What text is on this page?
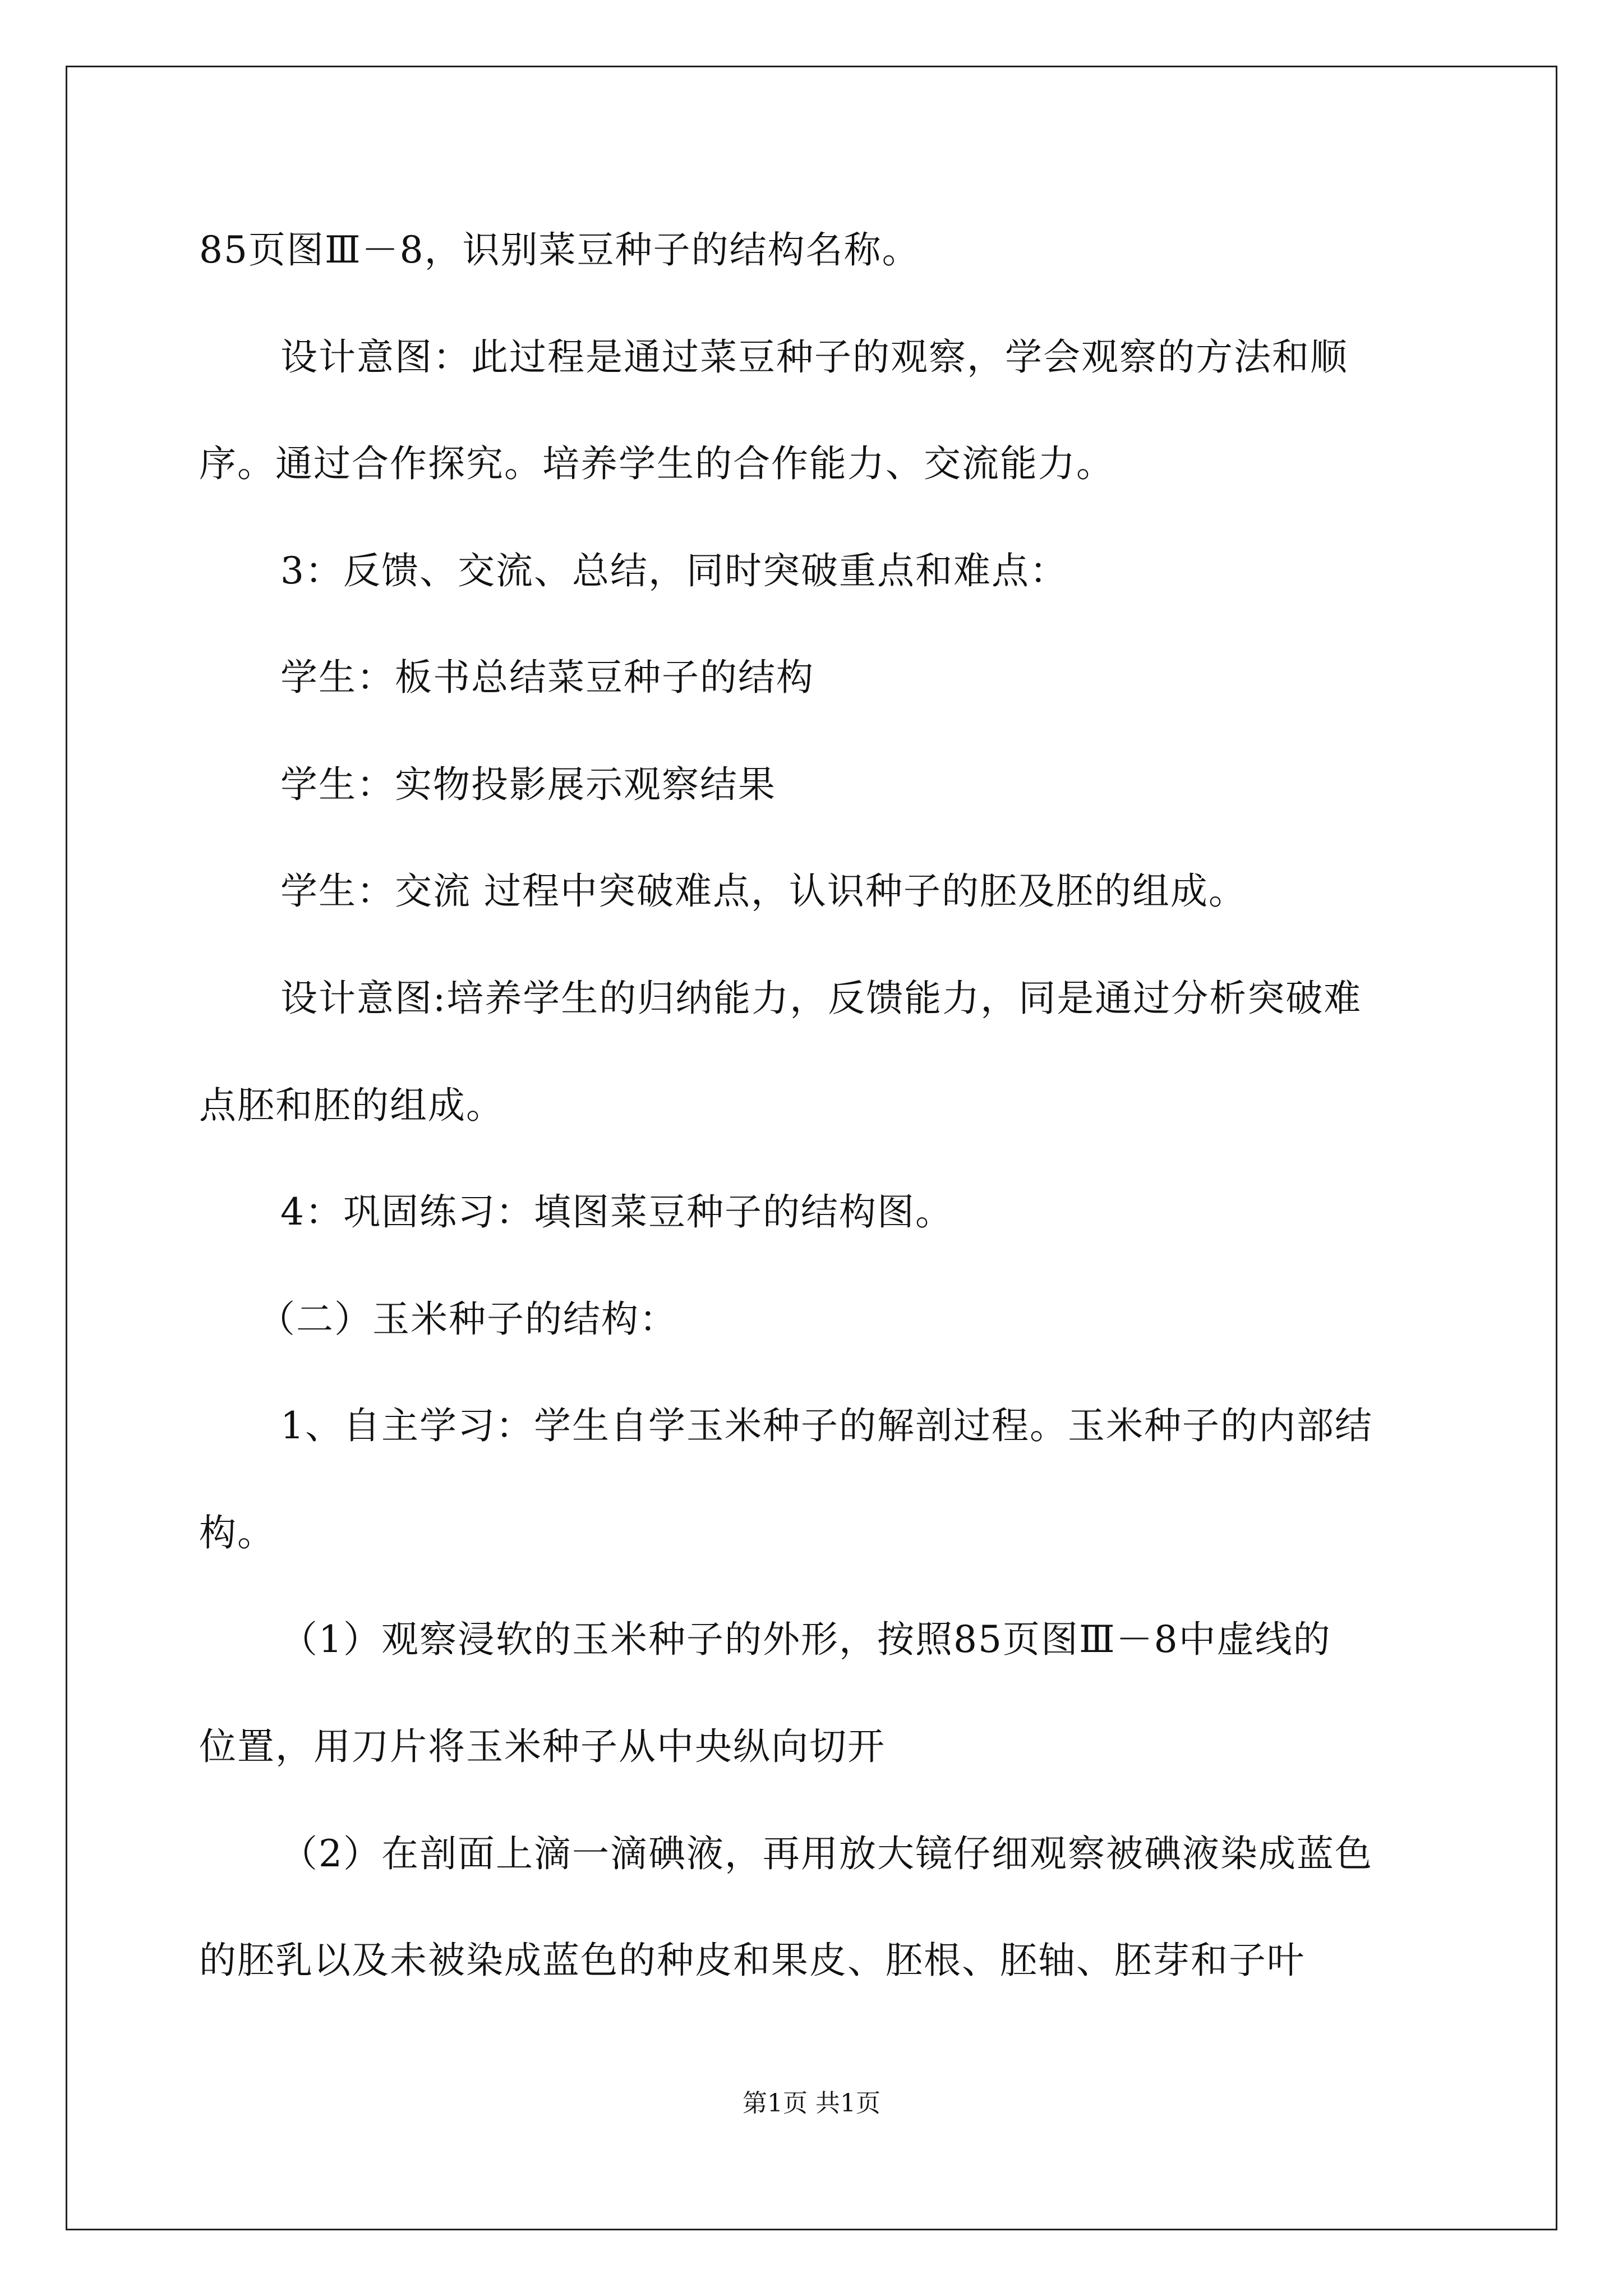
85页图Ⅲ－8，识别菜豆种子的结构名称。
设计意图：此过程是通过菜豆种子的观察，学会观察的方法和顺
序。通过合作探究。培养学生的合作能力、交流能力。
3：反馈、交流、总结，同时突破重点和难点：
学生：板书总结菜豆种子的结构
学生：实物投影展示观察结果
学生：交流 过程中突破难点，认识种子的胚及胚的组成。
设计意图:培养学生的归纳能力，反馈能力，同是通过分析突破难
点胚和胚的组成。
4：巩固练习：填图菜豆种子的结构图。
（二）玉米种子的结构：
1、自主学习：学生自学玉米种子的解剖过程。玉米种子的内部结
构。
（1）观察浸软的玉米种子的外形，按照85页图Ⅲ－8中虚线的
位置，用刀片将玉米种子从中央纵向切开
（2）在剖面上滴一滴碘液，再用放大镜仔细观察被碘液染成蓝色
的胚乳以及未被染成蓝色的种皮和果皮、胚根、胚轴、胚芽和子叶
第1页 共1页
